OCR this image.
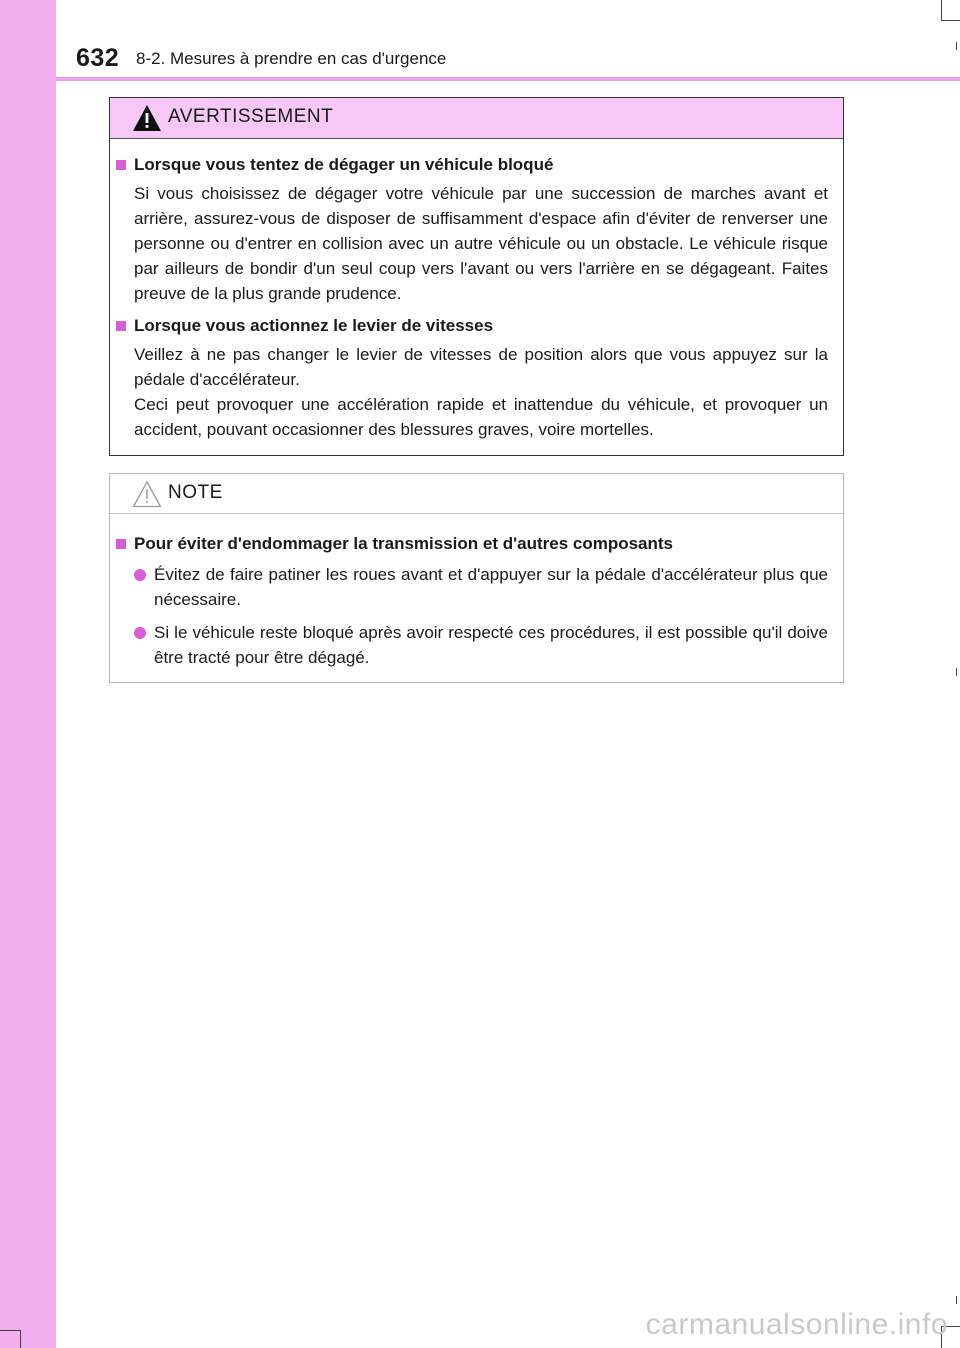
632 8-2. Mesures à prendre en cas d'urgence
AVERTISSEMENT
Lorsque vous tentez de dégager un véhicule bloqué

Si vous choisissez de dégager votre véhicule par une succession de marches avant et arrière, assurez-vous de disposer de suffisamment d'espace afin d'éviter de renverser une personne ou d'entrer en collision avec un autre véhicule ou un obstacle. Le véhicule risque par ailleurs de bondir d'un seul coup vers l'avant ou vers l'arrière en se dégageant. Faites preuve de la plus grande prudence.

Lorsque vous actionnez le levier de vitesses

Veillez à ne pas changer le levier de vitesses de position alors que vous appuyez sur la pédale d'accélérateur.

Ceci peut provoquer une accélération rapide et inattendue du véhicule, et provoquer un accident, pouvant occasionner des blessures graves, voire mortelles.

NOTE
Pour éviter d'endommager la transmission et d'autres composants
Évitez de faire patiner les roues avant et d'appuyer sur la pédale d'accélérateur plus que nécessaire.
Si le véhicule reste bloqué après avoir respecté ces procédures, il est possible qu'il doive être tracté pour être dégagé.
carmanualsonline.info
